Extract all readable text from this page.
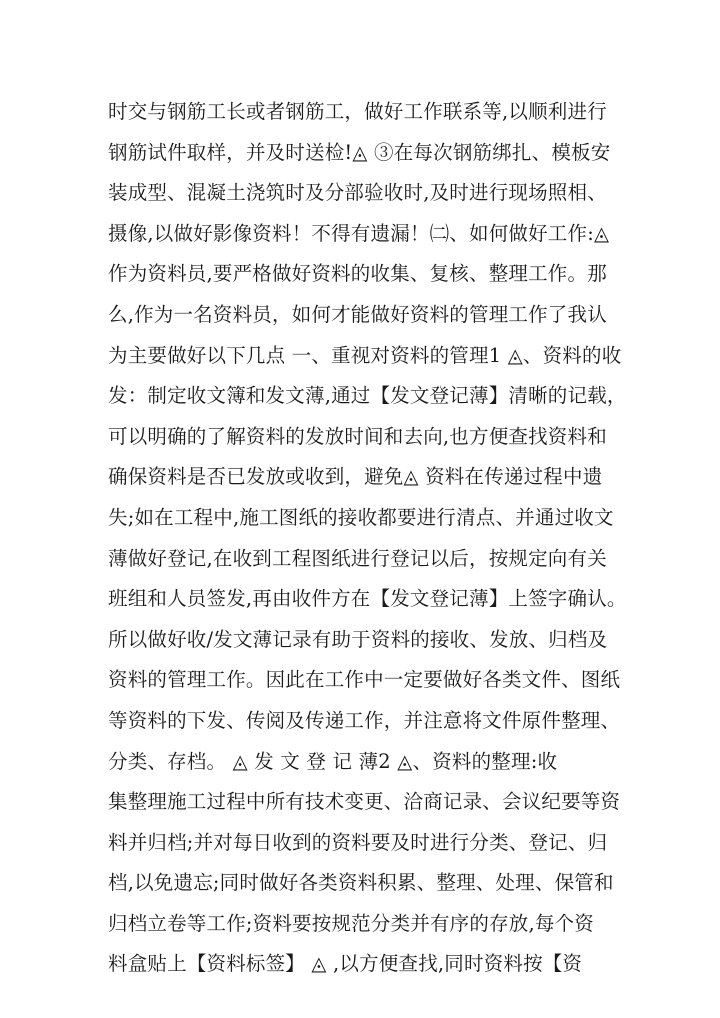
时交与钢筋工长或者钢筋工，做好工作联系等,以顺利进行
钢筋试件取样，并及时送检!◬ ③在每次钢筋绑扎、模板安
装成型、混凝土浇筑时及分部验收时,及时进行现场照相、
摄像,以做好影像资料！不得有遗漏！㈡、如何做好工作:◬
作为资料员,要严格做好资料的收集、复核、整理工作。那
么,作为一名资料员，如何才能做好资料的管理工作了我认
为主要做好以下几点 一、重视对资料的管理1 ◬、资料的收
发：制定收文簿和发文薄,通过【发文登记薄】清晰的记载，
可以明确的了解资料的发放时间和去向,也方便查找资料和
确保资料是否已发放或收到，避免◬ 资料在传递过程中遗
失;如在工程中,施工图纸的接收都要进行清点、并通过收文
薄做好登记,在收到工程图纸进行登记以后，按规定向有关
班组和人员签发,再由收件方在【发文登记薄】上签字确认。
所以做好收/发文薄记录有助于资料的接收、发放、归档及
资料的管理工作。因此在工作中一定要做好各类文件、图纸
等资料的下发、传阅及传递工作，并注意将文件原件整理、
分类、存档。 ◬ 发 文 登 记 薄2 ◬、资料的整理:收
集整理施工过程中所有技术变更、洽商记录、会议纪要等资
料并归档;并对每日收到的资料要及时进行分类、登记、归
档,以免遗忘;同时做好各类资料积累、整理、处理、保管和
归档立卷等工作;资料要按规范分类并有序的存放,每个资
料盒贴上【资料标签】 ◬ ,以方便查找,同时资料按【资
